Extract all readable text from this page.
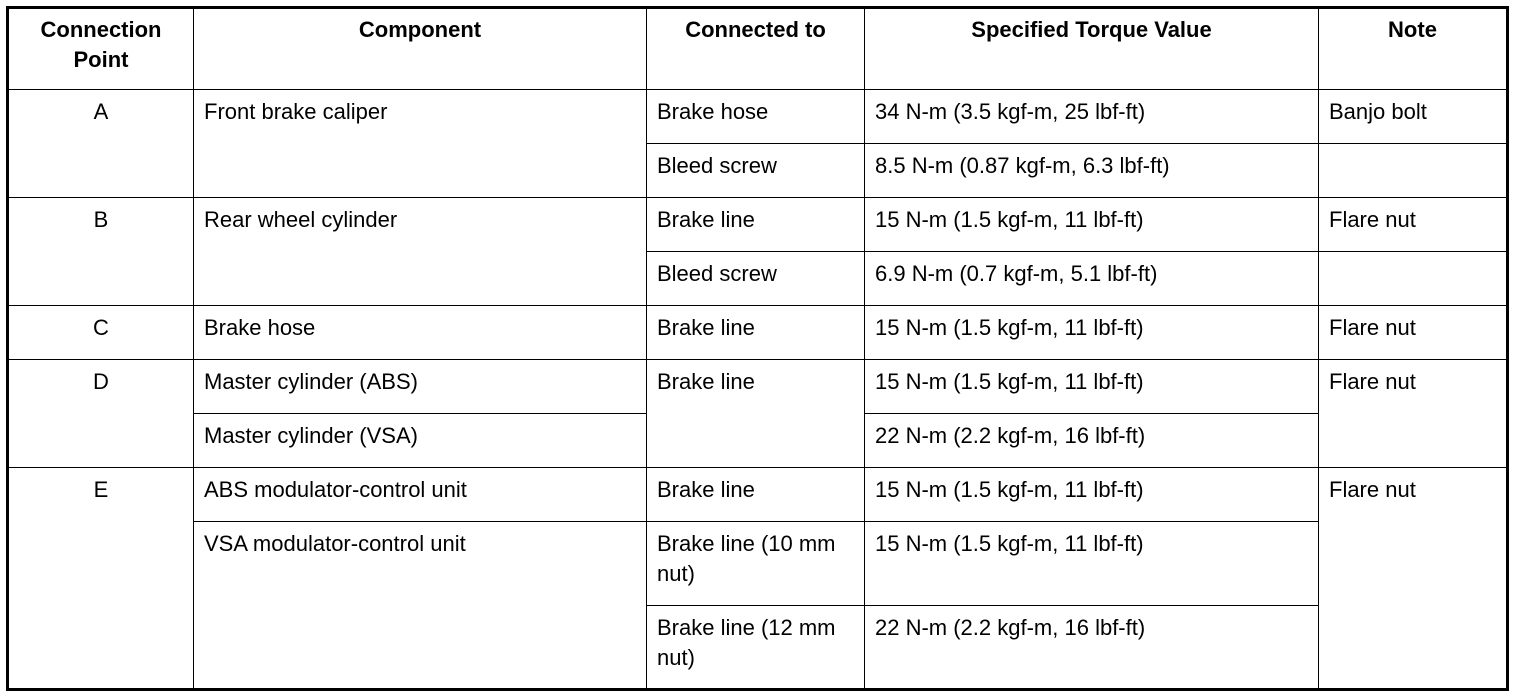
Connection Point	Component	Connected to	Specified Torque Value	Note
A	Front brake caliper	Brake hose	34 N-m (3.5 kgf-m, 25 lbf-ft)	Banjo bolt
		Bleed screw	8.5 N-m (0.87 kgf-m, 6.3 lbf-ft)	
B	Rear wheel cylinder	Brake line	15 N-m (1.5 kgf-m, 11 lbf-ft)	Flare nut
		Bleed screw	6.9 N-m (0.7 kgf-m, 5.1 lbf-ft)	
C	Brake hose	Brake line	15 N-m (1.5 kgf-m, 11 lbf-ft)	Flare nut
D	Master cylinder (ABS)	Brake line	15 N-m (1.5 kgf-m, 11 lbf-ft)	Flare nut
	Master cylinder (VSA)		22 N-m (2.2 kgf-m, 16 lbf-ft)	
E	ABS modulator-control unit	Brake line	15 N-m (1.5 kgf-m, 11 lbf-ft)	Flare nut
	VSA modulator-control unit	Brake line (10 mm nut)	15 N-m (1.5 kgf-m, 11 lbf-ft)	
		Brake line (12 mm nut)	22 N-m (2.2 kgf-m, 16 lbf-ft)	
